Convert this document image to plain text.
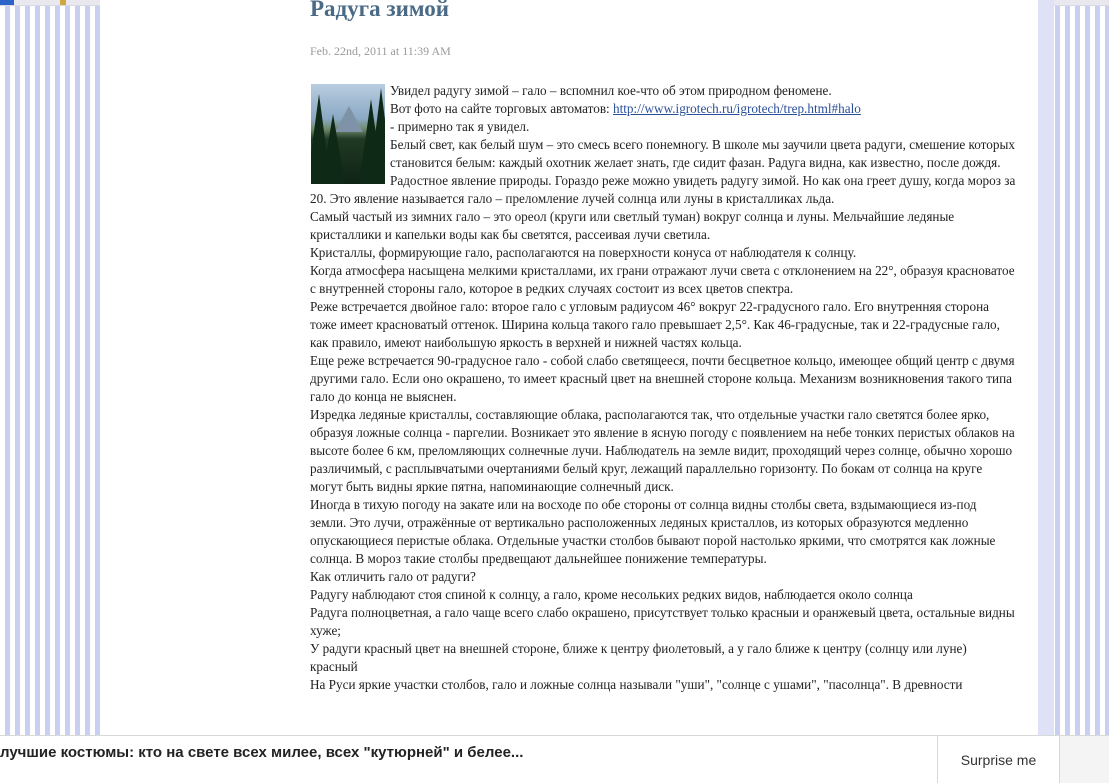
Радуга зимой
Feb. 22nd, 2011 at 11:39 AM

Увидел радугу зимой – гало – вспомнил кое-что об этом природном феномене.

Вот фото на сайте торговых автоматов: http://www.igrotech.ru/igrotech/trep.html#halo

- примерно так я увидел.

Белый свет, как белый шум – это смесь всего понемногу. В школе мы заучили цвета радуги, смешение которых становится белым: каждый охотник желает знать, где сидит фазан. Радуга видна, как известно, после дождя. Радостное явление природы. Гораздо реже можно увидеть радугу зимой. Но как она греет душу, когда мороз за 20. Это явление называется гало – преломление лучей солнца или луны в кристалликах льда.

Самый частый из зимних гало – это ореол (круги или светлый туман) вокруг солнца и луны. Мельчайшие ледяные кристаллики и капельки воды как бы светятся, рассеивая лучи светила.

Кристаллы, формирующие гало, располагаются на поверхности конуса от наблюдателя к солнцу.

Когда атмосфера насыщена мелкими кристаллами, их грани отражают лучи света с отклонением на 22°, образуя красноватое с внутренней стороны гало, которое в редких случаях состоит из всех цветов спектра.

Реже встречается двойное гало: второе гало с угловым радиусом 46° вокруг 22-градусного гало. Его внутренняя сторона тоже имеет красноватый оттенок. Ширина кольца такого гало превышает 2,5°. Как 46-градусные, так и 22-градусные гало, как правило, имеют наибольшую яркость в верхней и нижней частях кольца.

Еще реже встречается 90-градусное гало - собой слабо светящееся, почти бесцветное кольцо, имеющее общий центр с двумя другими гало. Если оно окрашено, то имеет красный цвет на внешней стороне кольца. Механизм возникновения такого типа гало до конца не выяснен.

Изредка ледяные кристаллы, составляющие облака, располагаются так, что отдельные участки гало светятся более ярко, образуя ложные солнца - паргелии. Возникает это явление в ясную погоду с появлением на небе тонких перистых облаков на высоте более 6 км, преломляющих солнечные лучи. Наблюдатель на земле видит, проходящий через солнце, обычно хорошо различимый, с расплывчатыми очертаниями белый круг, лежащий параллельно горизонту. По бокам от солнца на круге могут быть видны яркие пятна, напоминающие солнечный диск.

Иногда в тихую погоду на закате или на восходе по обе стороны от солнца видны столбы света, вздымающиеся из-под земли. Это лучи, отражённые от вертикально расположенных ледяных кристаллов, из которых образуются медленно опускающиеся перистые облака. Отдельные участки столбов бывают порой настолько яркими, что смотрятся как ложные солнца. В мороз такие столбы предвещают дальнейшее понижение температуры.

Как отличить гало от радуги?

Радугу наблюдают стоя спиной к солнцу, а гало, кроме несольких редких видов, наблюдается около солнца

Радуга полноцветная, а гало чаще всего слабо окрашено, присутствует только красныи и оранжевый цвета, остальные видны хуже;

У радуги красный цвет на внешней стороне, ближе к центру фиолетовый, а у гало ближе к центру (солнцу или луне) красный

На Руси яркие участки столбов, гало и ложные солнца называли "уши", "солнце с ушами", "пасолнца". В древности

лучшие костюмы: кто на свете всех милее, всех "кутюрней" и белее...	Surprise me
